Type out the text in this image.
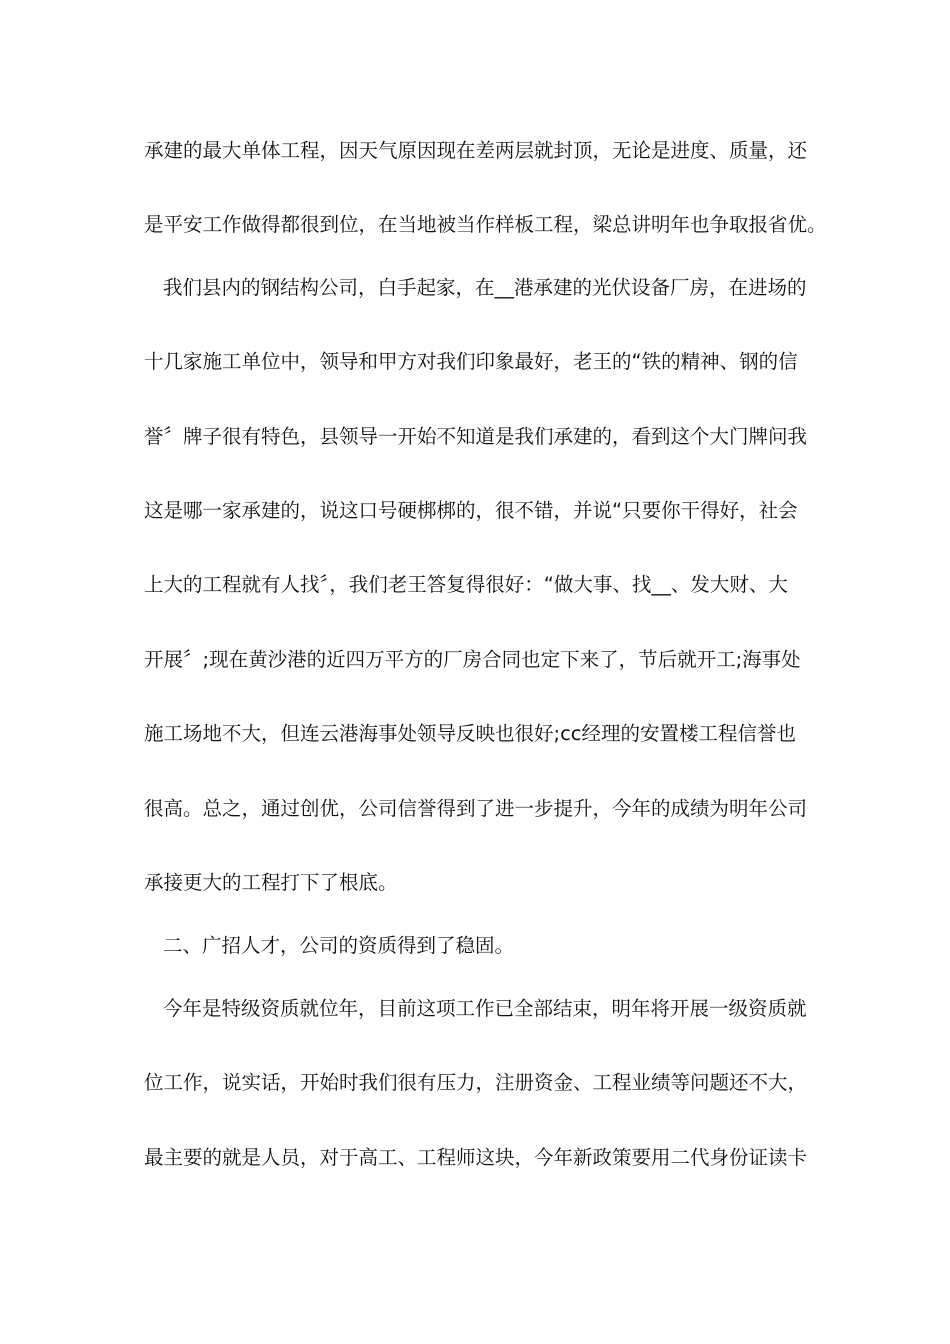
承建的最大单体工程，因天气原因现在差两层就封顶，无论是进度、质量，还
是平安工作做得都很到位，在当地被当作样板工程，梁总讲明年也争取报省优。
我们县内的钢结构公司，白手起家，在__港承建的光伏设备厂房，在进场的
十几家施工单位中，领导和甲方对我们印象最好，老王的“铁的精神、钢的信
誉〞牌子很有特色，县领导一开始不知道是我们承建的，看到这个大门牌问我
这是哪一家承建的，说这口号硬梆梆的，很不错，并说“只要你干得好，社会
上大的工程就有人找〞，我们老王答复得很好：“做大事、找__、发大财、大
开展〞;现在黄沙港的近四万平方的厂房合同也定下来了，节后就开工;海事处
施工场地不大，但连云港海事处领导反映也很好;cc经理的安置楼工程信誉也
很高。总之，通过创优，公司信誉得到了进一步提升，今年的成绩为明年公司
承接更大的工程打下了根底。
二、广招人才，公司的资质得到了稳固。
今年是特级资质就位年，目前这项工作已全部结束，明年将开展一级资质就
位工作，说实话，开始时我们很有压力，注册资金、工程业绩等问题还不大，
最主要的就是人员，对于高工、工程师这块，今年新政策要用二代身份证读卡
